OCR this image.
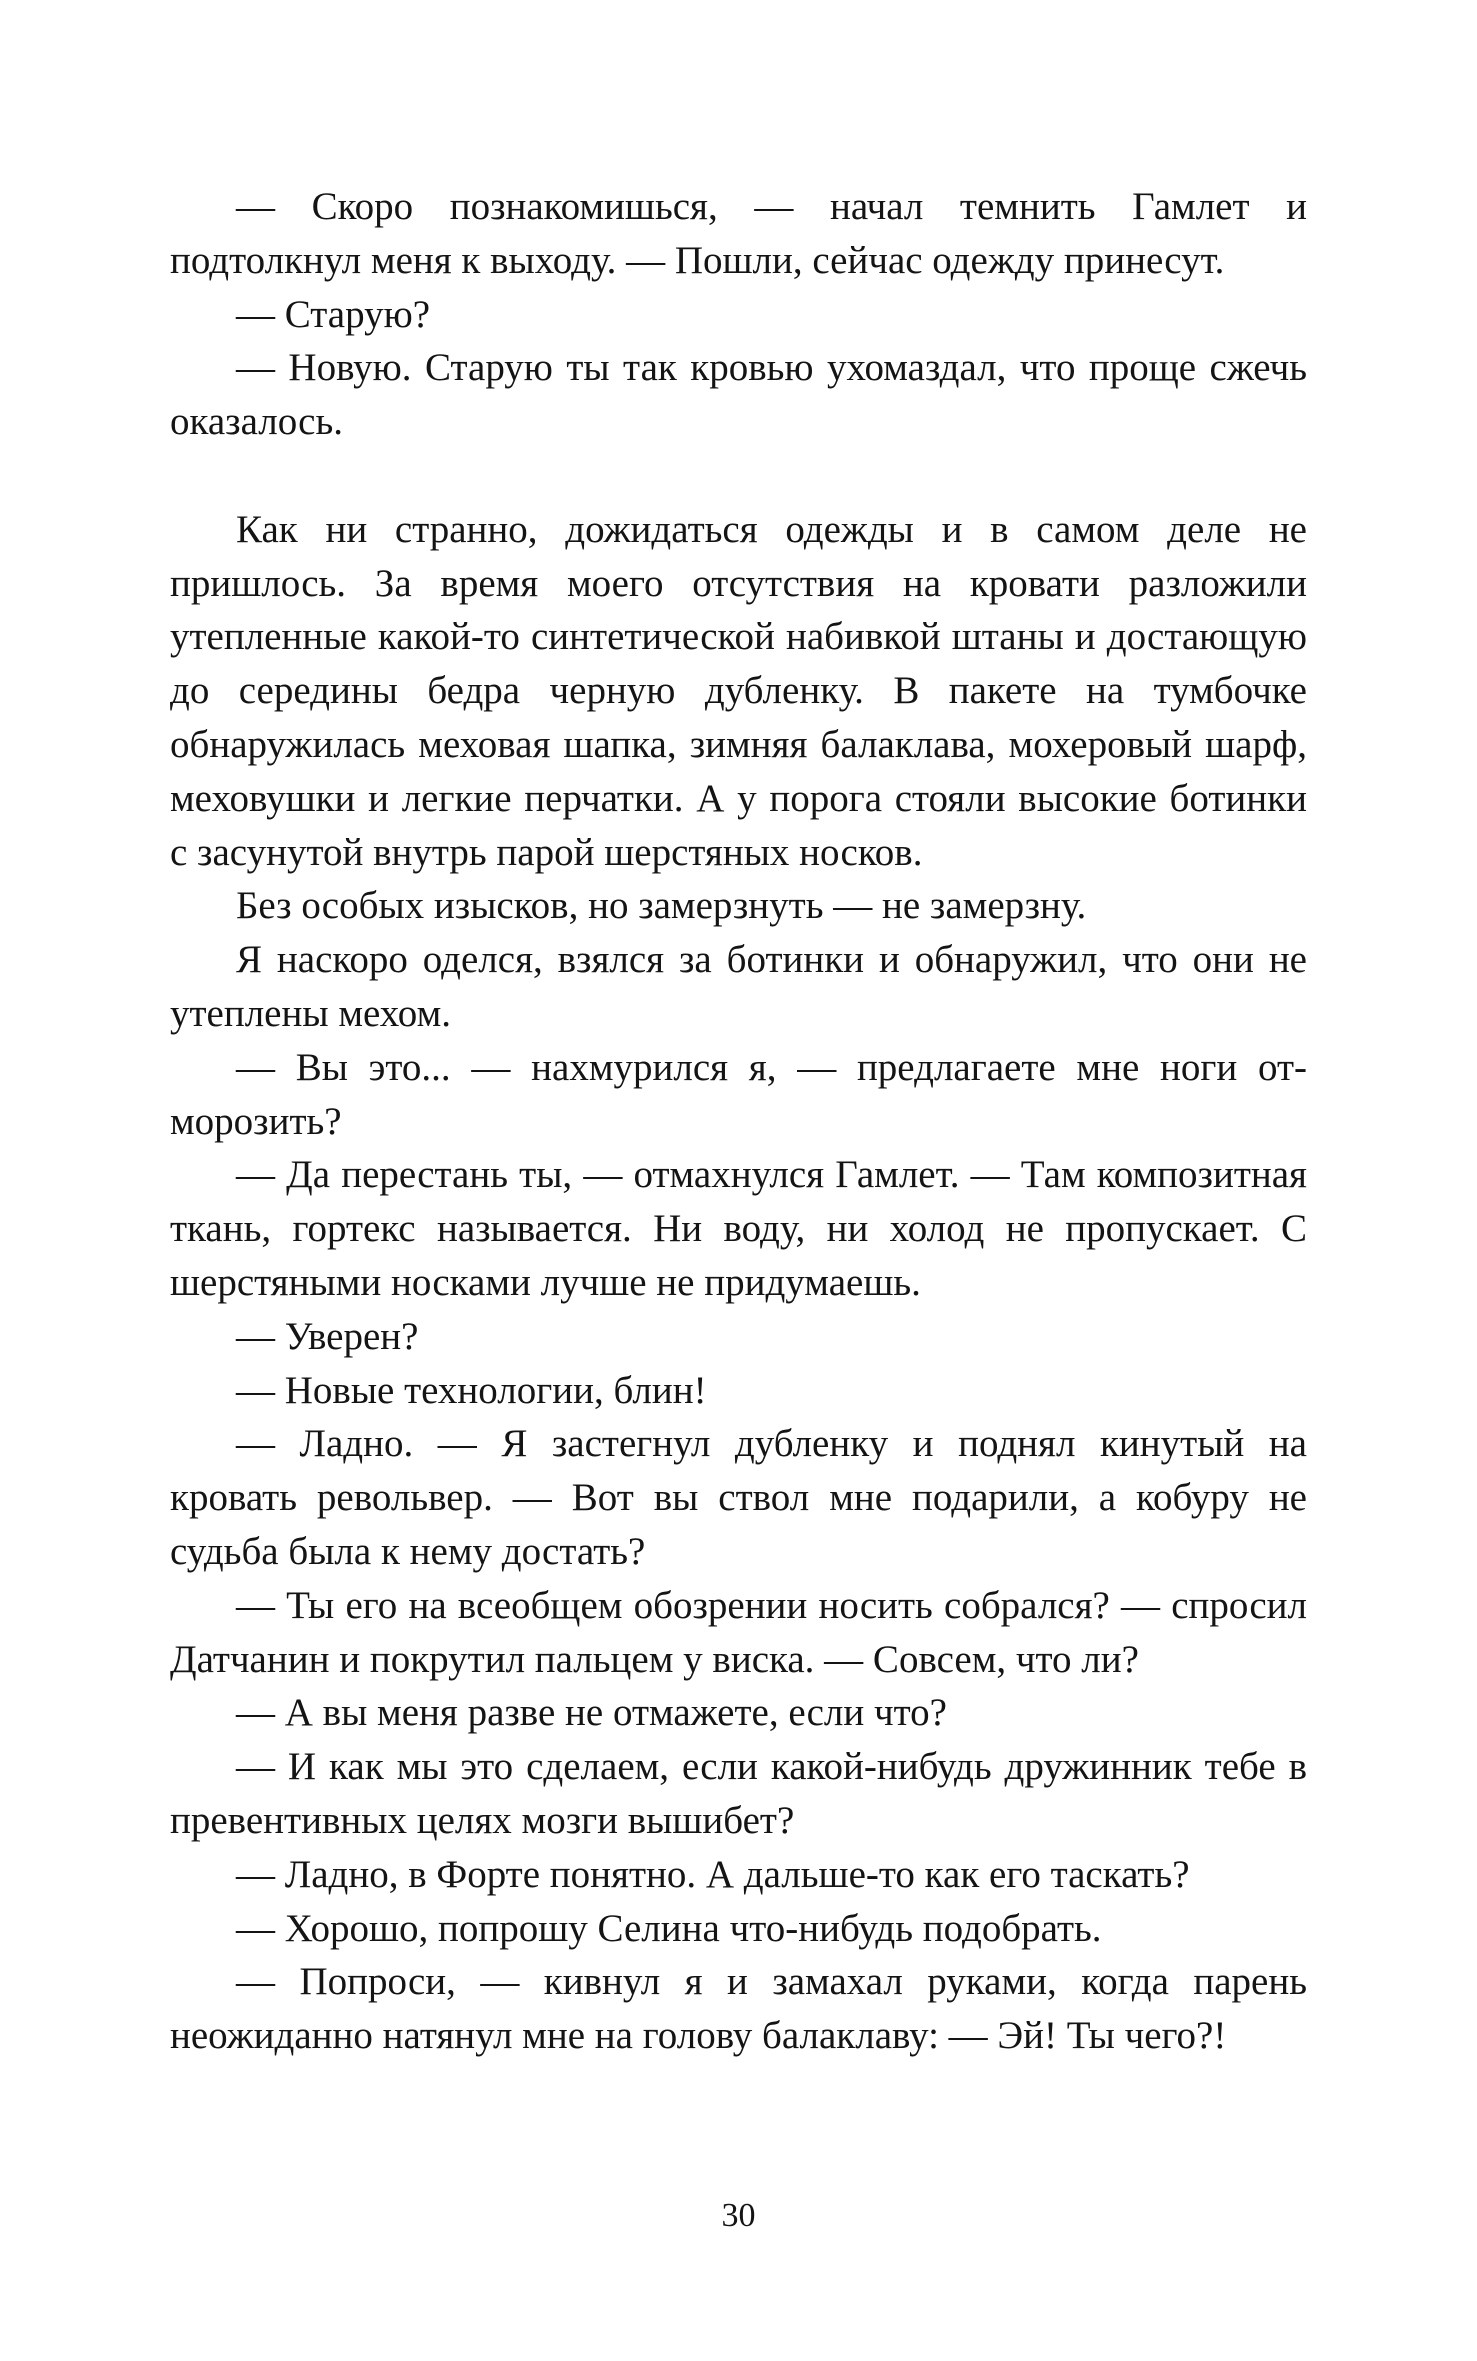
— Скоро познакомишься, — начал темнить Гамлет и подтолкнул меня к выходу. — Пошли, сейчас одежду принесут.

— Старую?

— Новую. Старую ты так кровью ухомаздал, что проще сжечь оказалось.

Как ни странно, дожидаться одежды и в самом деле не пришлось. За время моего отсутствия на кровати разложили утепленные какой-то синтетической набивкой штаны и достающую до середины бедра черную дубленку. В пакете на тумбочке обнаружилась меховая шапка, зимняя балаклава, мохеровый шарф, меховушки и легкие перчатки. А у порога стояли высокие ботинки с засунутой внутрь парой шерстяных носков.

Без особых изысков, но замерзнуть — не замерзну.

Я наскоро оделся, взялся за ботинки и обнаружил, что они не утеплены мехом.

— Вы это... — нахмурился я, — предлагаете мне ноги отморозить?

— Да перестань ты, — отмахнулся Гамлет. — Там композитная ткань, гортекс называется. Ни воду, ни холод не пропускает. С шерстяными носками лучше не придумаешь.

— Уверен?

— Новые технологии, блин!

— Ладно. — Я застегнул дубленку и поднял кинутый на кровать револьвер. — Вот вы ствол мне подарили, а кобуру не судьба была к нему достать?

— Ты его на всеобщем обозрении носить собрался? — спросил Датчанин и покрутил пальцем у виска. — Совсем, что ли?

— А вы меня разве не отмажете, если что?

— И как мы это сделаем, если какой-нибудь дружинник тебе в превентивных целях мозги вышибет?

— Ладно, в Форте понятно. А дальше-то как его таскать?

— Хорошо, попрошу Селина что-нибудь подобрать.

— Попроси, — кивнул я и замахал руками, когда парень неожиданно натянул мне на голову балаклаву: — Эй! Ты чего?!

30
